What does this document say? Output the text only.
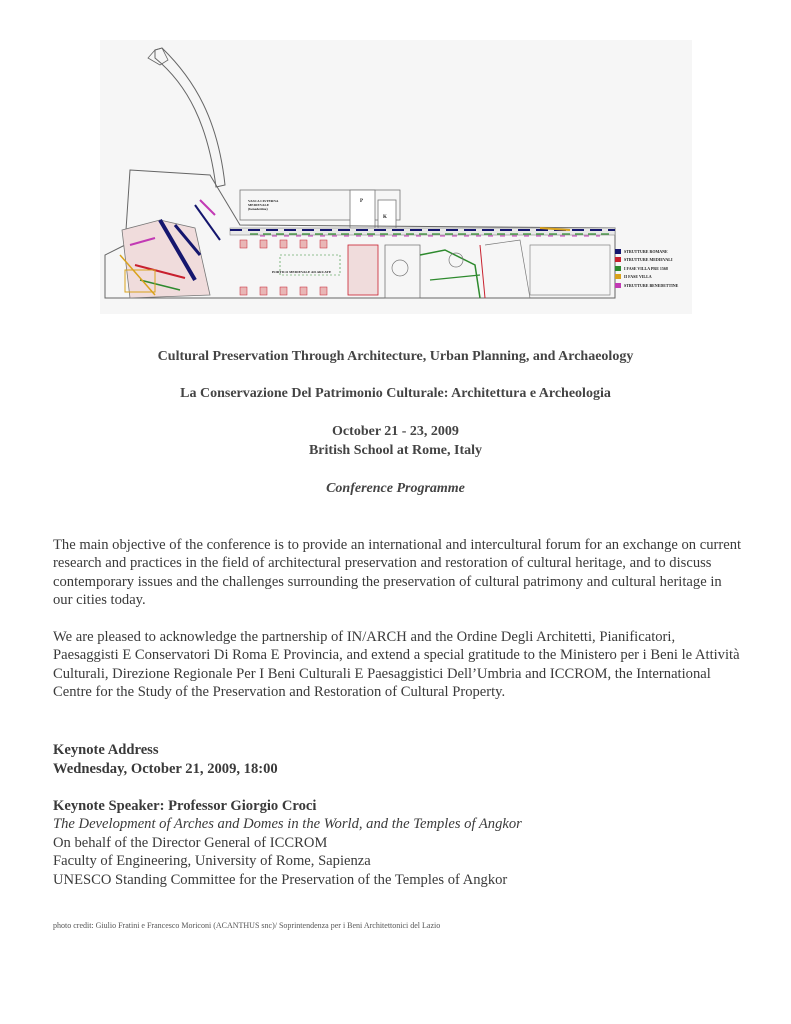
VASCA CISTERNA MEDIEVALE (benedettine)
PORTICO MEDIEVALE AD ARCATE
P
K
STRUTTURE ROMANE
STRUTTURE MEDIEVALI
I FASE VILLA PRE 1568
II FASE VILLA
STRUTTURE BENEDETTINE
Cultural Preservation Through Architecture, Urban Planning, and Archaeology
La Conservazione Del Patrimonio Culturale: Architettura e Archeologia
October 21 - 23, 2009
British School at Rome, Italy
Conference Programme

The main objective of the conference is to provide an international and intercultural forum for an exchange on current research and practices in the field of architectural preservation and restoration of cultural heritage, and to discuss contemporary issues and the challenges surrounding the preservation of cultural patrimony and cultural heritage in our cities today.

We are pleased to acknowledge the partnership of IN/ARCH and the Ordine Degli Architetti, Pianificatori, Paesaggisti E Conservatori Di Roma E Provincia, and extend a special gratitude to the Ministero per i Beni le Attività Culturali, Direzione Regionale Per I Beni Culturali E Paesaggistici Dell’Umbria and ICCROM, the International Centre for the Study of the Preservation and Restoration of Cultural Property.

Keynote Address
Wednesday, October 21, 2009, 18:00
Keynote Speaker: Professor Giorgio Croci
The Development of Arches and Domes in the World, and the Temples of Angkor
On behalf of the Director General of ICCROM
Faculty of Engineering, University of Rome, Sapienza
UNESCO Standing Committee for the Preservation of the Temples of Angkor
photo credit: Giulio Fratini e Francesco Moriconi (ACANTHUS snc)/ Soprintendenza per i Beni Architettonici del Lazio
